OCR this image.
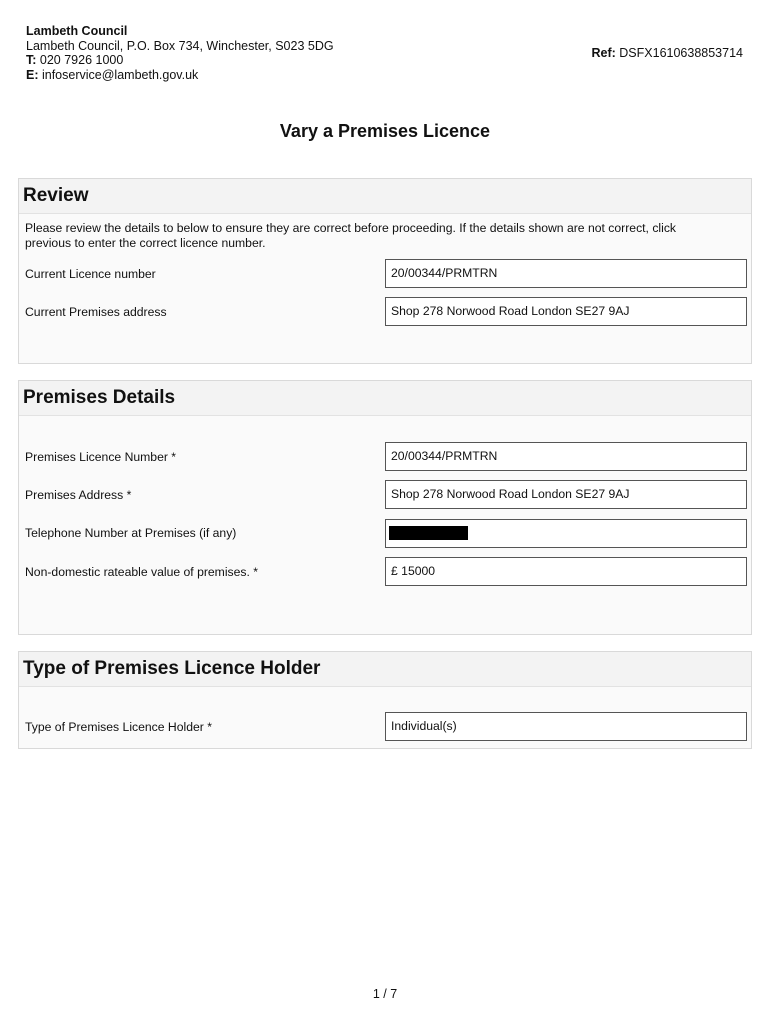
Lambeth Council
Lambeth Council, P.O. Box 734, Winchester, S023 5DG
T: 020 7926 1000
E: infoservice@lambeth.gov.uk
Ref: DSFX1610638853714
Vary a Premises Licence
Review
Please review the details to below to ensure they are correct before proceeding. If the details shown are not correct, click previous to enter the correct licence number.
Current Licence number	20/00344/PRMTRN
Current Premises address	Shop 278 Norwood Road London SE27 9AJ
Premises Details
Premises Licence Number *	20/00344/PRMTRN
Premises Address *	Shop 278 Norwood Road London SE27 9AJ
Telephone Number at Premises (if any)
Non-domestic rateable value of premises. *	£ 15000
Type of Premises Licence Holder
Type of Premises Licence Holder *	Individual(s)
1 / 7
